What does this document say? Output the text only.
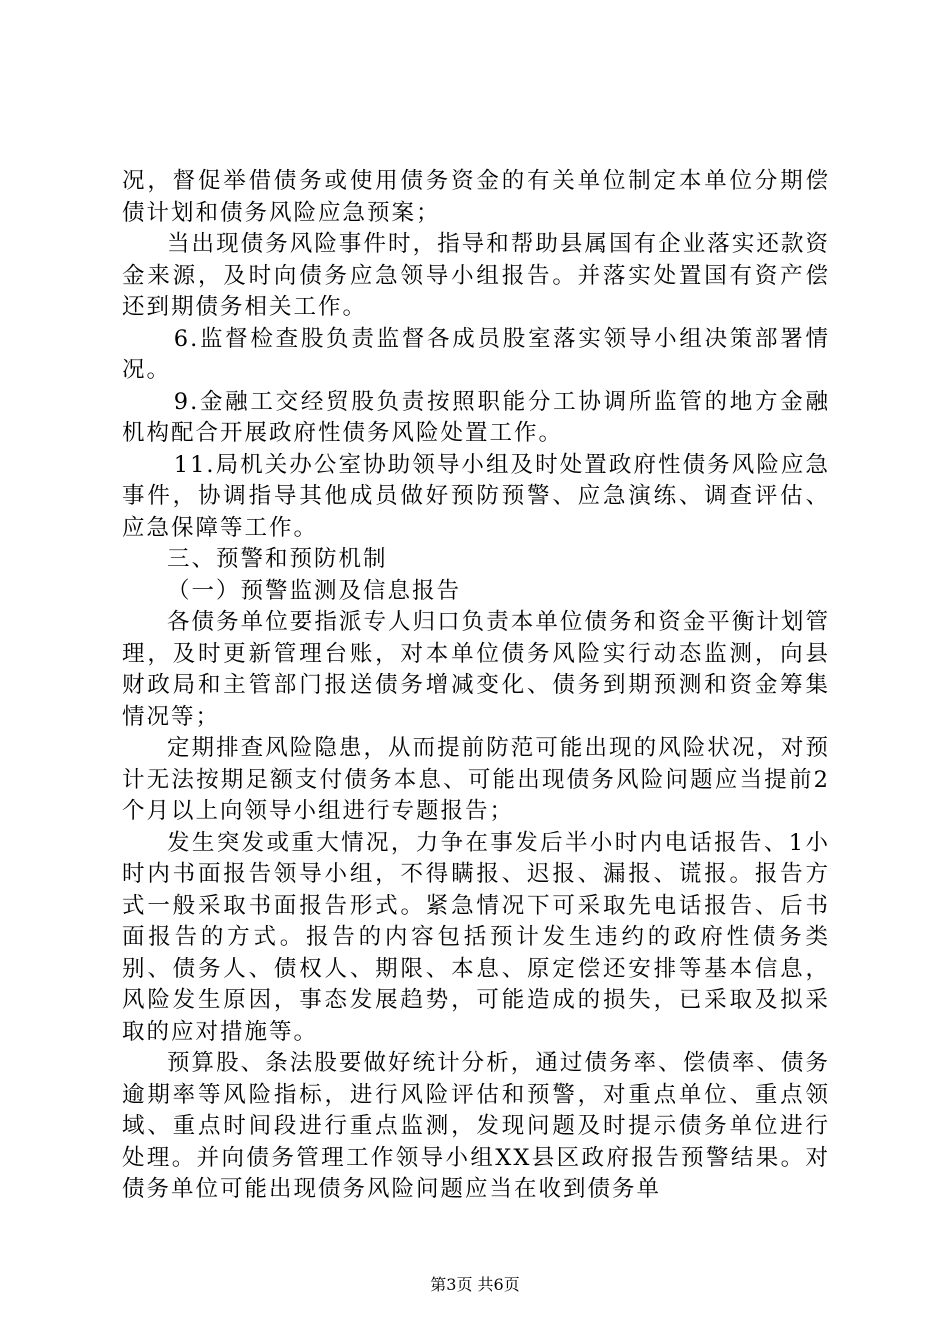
况，督促举借债务或使用债务资金的有关单位制定本单位分期偿债计划和债务风险应急预案；

当出现债务风险事件时，指导和帮助县属国有企业落实还款资金来源，及时向债务应急领导小组报告。并落实处置国有资产偿还到期债务相关工作。

6.监督检查股负责监督各成员股室落实领导小组决策部署情况。

9.金融工交经贸股负责按照职能分工协调所监管的地方金融机构配合开展政府性债务风险处置工作。

11.局机关办公室协助领导小组及时处置政府性债务风险应急事件，协调指导其他成员做好预防预警、应急演练、调查评估、应急保障等工作。

三、预警和预防机制

（一）预警监测及信息报告

各债务单位要指派专人归口负责本单位债务和资金平衡计划管理，及时更新管理台账，对本单位债务风险实行动态监测，向县财政局和主管部门报送债务增减变化、债务到期预测和资金筹集情况等；

定期排查风险隐患，从而提前防范可能出现的风险状况，对预计无法按期足额支付债务本息、可能出现债务风险问题应当提前2个月以上向领导小组进行专题报告；

发生突发或重大情况，力争在事发后半小时内电话报告、1小时内书面报告领导小组，不得瞒报、迟报、漏报、谎报。报告方式一般采取书面报告形式。紧急情况下可采取先电话报告、后书面报告的方式。报告的内容包括预计发生违约的政府性债务类别、债务人、债权人、期限、本息、原定偿还安排等基本信息，风险发生原因，事态发展趋势，可能造成的损失，已采取及拟采取的应对措施等。

预算股、条法股要做好统计分析，通过债务率、偿债率、债务逾期率等风险指标，进行风险评估和预警，对重点单位、重点领域、重点时间段进行重点监测，发现问题及时提示债务单位进行处理。并向债务管理工作领导小组XX县区政府报告预警结果。对债务单位可能出现债务风险问题应当在收到债务单

第3页 共6页
